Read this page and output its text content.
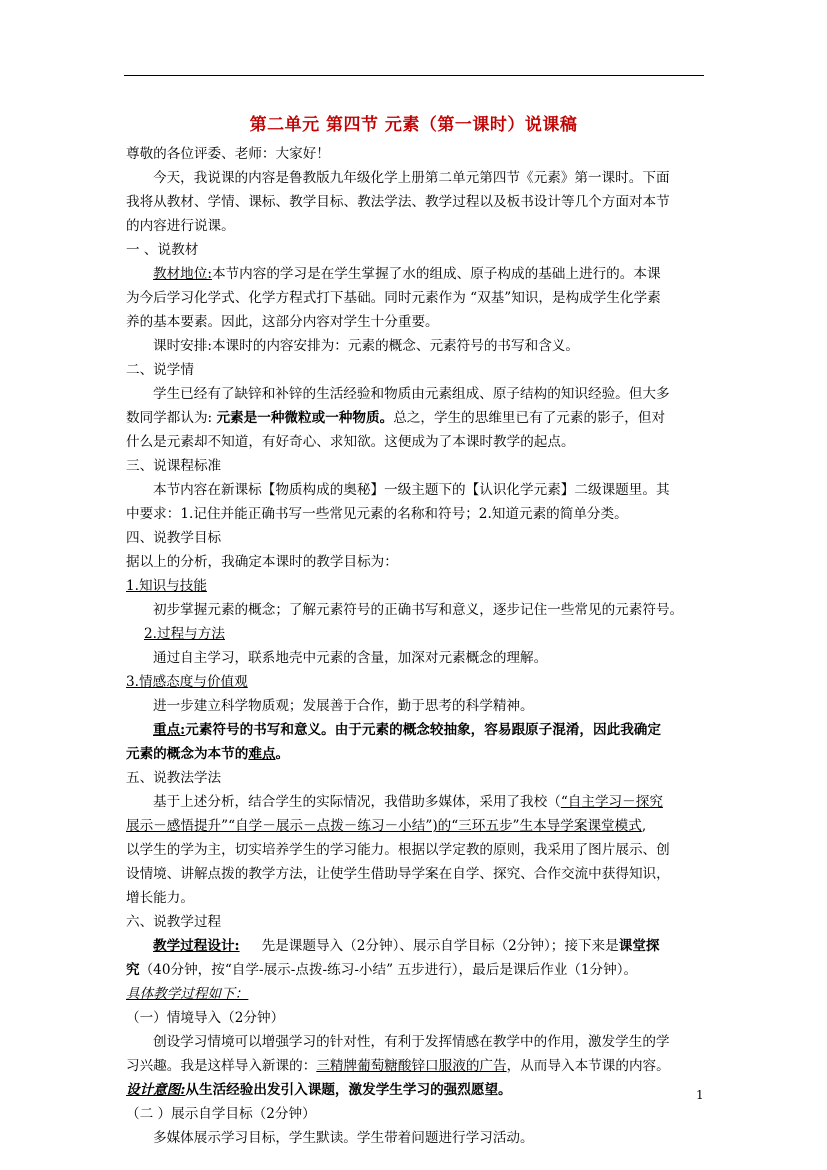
第二单元 第四节 元素（第一课时）说课稿
尊敬的各位评委、老师：大家好！
今天，我说课的内容是鲁教版九年级化学上册第二单元第四节《元素》第一课时。下面
我将从教材、学情、课标、教学目标、教法学法、教学过程以及板书设计等几个方面对本节
的内容进行说课。
一 、说教材
教材地位:本节内容的学习是在学生掌握了水的组成、原子构成的基础上进行的。本课
为今后学习化学式、化学方程式打下基础。同时元素作为 “双基”知识，是构成学生化学素
养的基本要素。因此，这部分内容对学生十分重要。
课时安排:本课时的内容安排为：元素的概念、元素符号的书写和含义。
二、说学情
学生已经有了缺锌和补锌的生活经验和物质由元素组成、原子结构的知识经验。但大多
数同学都认为: 元素是一种微粒或一种物质。总之，学生的思维里已有了元素的影子，但对
什么是元素却不知道，有好奇心、求知欲。这便成为了本课时教学的起点。
三、说课程标准
本节内容在新课标【物质构成的奥秘】一级主题下的【认识化学元素】二级课题里。其
中要求：1.记住并能正确书写一些常见元素的名称和符号；2.知道元素的简单分类。
四、说教学目标
据以上的分析，我确定本课时的教学目标为：
1.知识与技能
初步掌握元素的概念；了解元素符号的正确书写和意义，逐步记住一些常见的元素符号。
2.过程与方法
通过自主学习，联系地壳中元素的含量，加深对元素概念的理解。
3.情感态度与价值观
进一步建立科学物质观；发展善于合作，勤于思考的科学精神。
重点:元素符号的书写和意义。由于元素的概念较抽象，容易跟原子混淆，因此我确定
元素的概念为本节的难点。
五、说教法学法
基于上述分析，结合学生的实际情况，我借助多媒体，采用了我校（“自主学习－探究
展示－感悟提升”“自学－展示－点拨－练习－小结”)的“三环五步”生本导学案课堂模式,
以学生的学为主，切实培养学生的学习能力。根据以学定教的原则，我采用了图片展示、创
设情境、讲解点拨的教学方法，让使学生借助导学案在自学、探究、合作交流中获得知识，
增长能力。
六、说教学过程
教学过程设计: 先是课题导入（2分钟）、展示自学目标（2分钟）；接下来是课堂探
究（40分钟，按“自学-展示-点拨-练习-小结” 五步进行），最后是课后作业（1分钟）。
具体教学过程如下：
（一）情境导入（2分钟）
创设学习情境可以增强学习的针对性，有利于发挥情感在教学中的作用，激发学生的学
习兴趣。我是这样导入新课的：三精牌葡萄糖酸锌口服液的广告，从而导入本节课的内容。
设计意图:从生活经验出发引入课题，激发学生学习的强烈愿望。
（二 ）展示自学目标（2分钟）
多媒体展示学习目标，学生默读。学生带着问题进行学习活动。
1
